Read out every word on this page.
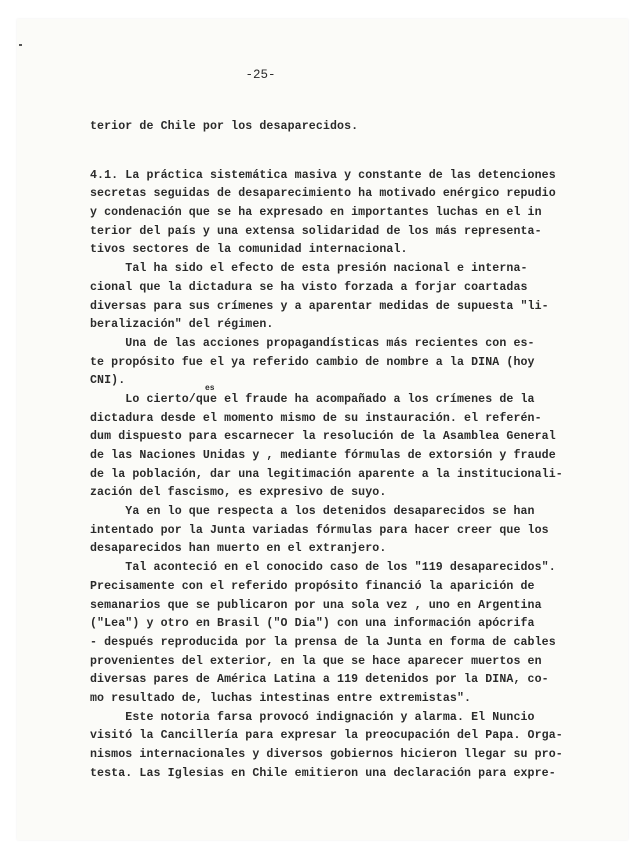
-25-
es
terior de Chile por los desaparecidos.
4.1. La práctica sistemática masiva y constante de las detenciones
secretas seguidas de desaparecimiento ha motivado enérgico repudio
y condenación que se ha expresado en importantes luchas en el in
terior del país y una extensa solidaridad de los más representa-
tivos sectores de la comunidad internacional.
Tal ha sido el efecto de esta presión nacional e interna-
cional que la dictadura se ha visto forzada a forjar coartadas
diversas para sus crímenes y a aparentar medidas de supuesta "li-
beralización" del régimen.
Una de las acciones propagandísticas más recientes con es-
te propósito fue el ya referido cambio de nombre a la DINA (hoy
CNI).
Lo cierto/que el fraude ha acompañado a los crímenes de la
dictadura desde el momento mismo de su instauración. el referén-
dum dispuesto para escarnecer la resolución de la Asamblea General
de las Naciones Unidas y , mediante fórmulas de extorsión y fraude
de la población, dar una legitimación aparente a la institucionali-
zación del fascismo, es expresivo de suyo.
Ya en lo que respecta a los detenidos desaparecidos se han
intentado por la Junta variadas fórmulas para hacer creer que los
desaparecidos han muerto en el extranjero.
Tal aconteció en el conocido caso de los "119 desaparecidos".
Precisamente con el referido propósito financió la aparición de
semanarios que se publicaron por una sola vez , uno en Argentina
("Lea") y otro en Brasil ("O Dia") con una información apócrifa
- después reproducida por la prensa de la Junta en forma de cables
provenientes del exterior, en la que se hace aparecer muertos en
diversas pares de América Latina a 119 detenidos por la DINA, co-
mo resultado de, luchas intestinas entre extremistas".
Este notoria farsa provocó indignación y alarma. El Nuncio
visitó la Cancillería para expresar la preocupación del Papa. Orga-
nismos internacionales y diversos gobiernos hicieron llegar su pro-
testa. Las Iglesias en Chile emitieron una declaración para expre-
